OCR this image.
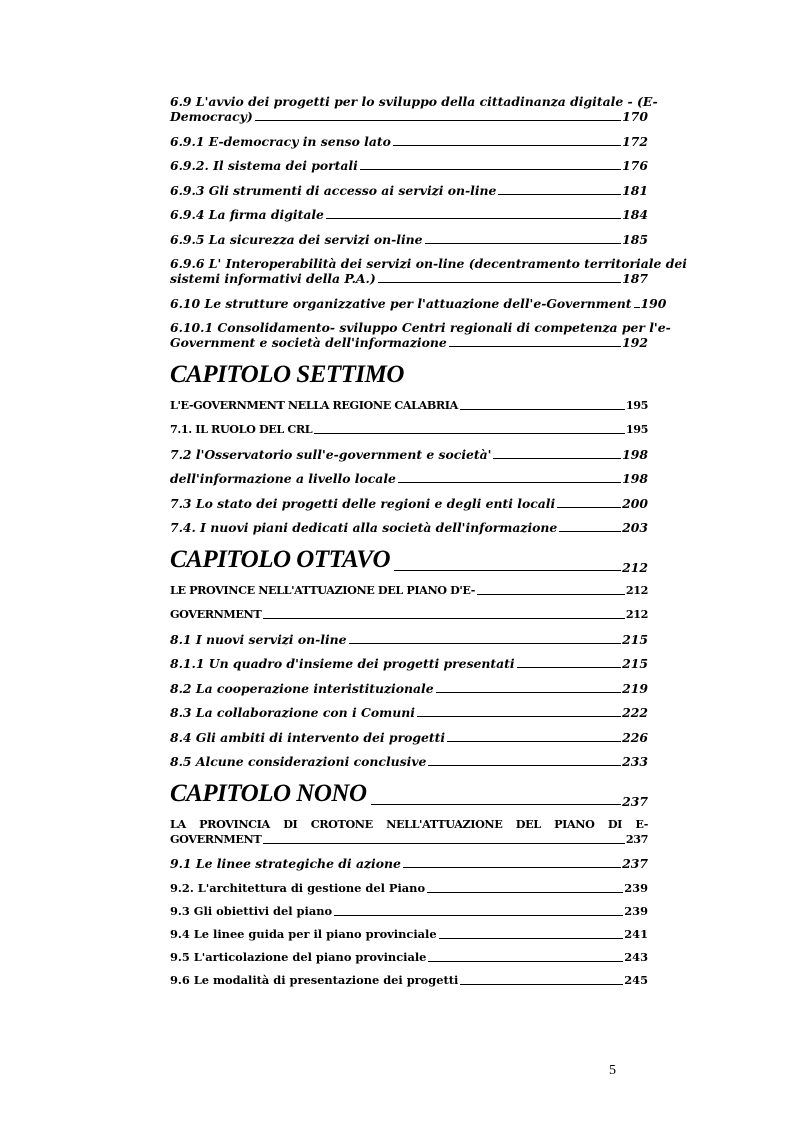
6.9 L'avvio dei progetti per lo sviluppo della cittadinanza digitale - (E-
Democracy)	170
6.9.1 E-democracy in senso lato	172
6.9.2. Il sistema dei portali	176
6.9.3 Gli strumenti di accesso ai servizi on-line	181
6.9.4 La firma digitale	184
6.9.5 La sicurezza dei servizi on-line	185
6.9.6 L' Interoperabilità dei servizi on-line (decentramento territoriale dei
sistemi informativi della P.A.)	187
6.10 Le strutture organizzative per l'attuazione dell'e-Government 190
6.10.1 Consolidamento- sviluppo Centri regionali di competenza per l'e-
Government e società dell'informazione	192
CAPITOLO SETTIMO
L'E-GOVERNMENT NELLA REGIONE CALABRIA	195
7.1. IL RUOLO DEL CRL	195
7.2 l'Osservatorio sull'e-government e società'	198
dell'informazione a livello locale	198
7.3 Lo stato dei progetti delle regioni e degli enti locali	200
7.4. I nuovi piani dedicati alla società dell'informazione	203
CAPITOLO OTTAVO	212
LE PROVINCE NELL'ATTUAZIONE DEL PIANO D'E-	212
GOVERNMENT	212
8.1 I nuovi servizi on-line	215
8.1.1 Un quadro d'insieme dei progetti presentati	215
8.2 La cooperazione interistituzionale	219
8.3 La collaborazione con i Comuni	222
8.4 Gli ambiti di intervento dei progetti	226
8.5 Alcune considerazioni conclusive	233
CAPITOLO NONO	237
LA PROVINCIA DI CROTONE NELL'ATTUAZIONE DEL PIANO DI E-
GOVERNMENT	237
9.1 Le linee strategiche di azione	237
9.2. L'architettura di gestione del Piano	239
9.3 Gli obiettivi del piano	239
9.4 Le linee guida per il piano provinciale	241
9.5 L'articolazione del piano provinciale	243
9.6 Le modalità di presentazione dei progetti	245
5
